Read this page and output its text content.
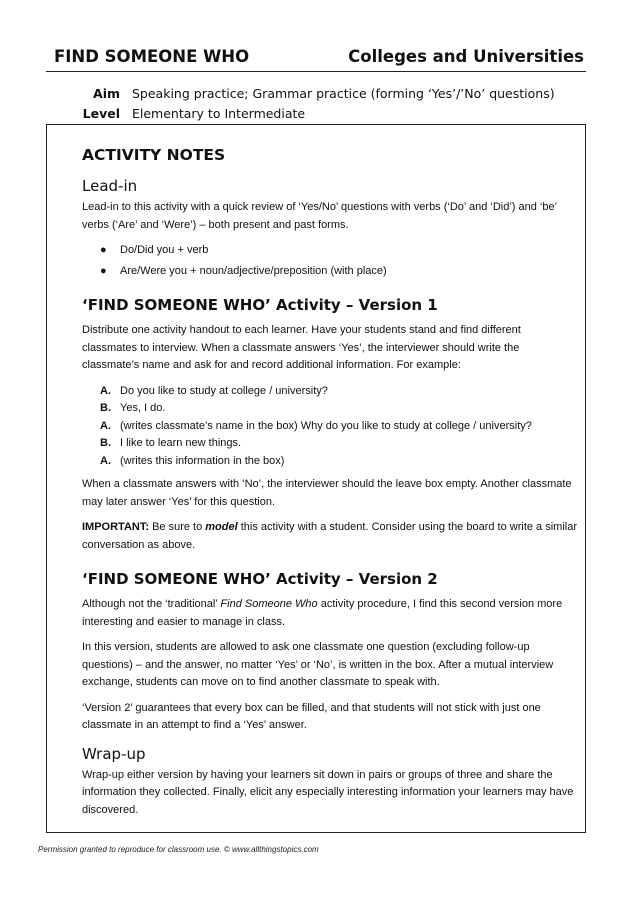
FIND SOMEONE WHO	Colleges and Universities
Aim Speaking practice; Grammar practice (forming ‘Yes’/’No’ questions)
Level Elementary to Intermediate
ACTIVITY NOTES
Lead-in

Lead-in to this activity with a quick review of ‘Yes/No’ questions with verbs (‘Do’ and ‘Did’) and ‘be’ verbs (‘Are’ and ‘Were’) – both present and past forms.

● Do/Did you + verb
● Are/Were you + noun/adjective/preposition (with place)
‘FIND SOMEONE WHO’ Activity – Version 1

Distribute one activity handout to each learner. Have your students stand and find different classmates to interview. When a classmate answers ‘Yes’, the interviewer should write the classmate’s name and ask for and record additional information. For example:

A. Do you like to study at college / university?
B. Yes, I do.
A. (writes classmate’s name in the box) Why do you like to study at college / university?
B. I like to learn new things.
A. (writes this information in the box)

When a classmate answers with ‘No’, the interviewer should the leave box empty. Another classmate may later answer ‘Yes’ for this question.

IMPORTANT: Be sure to model this activity with a student. Consider using the board to write a similar conversation as above.

‘FIND SOMEONE WHO’ Activity – Version 2

Although not the ‘traditional’ Find Someone Who activity procedure, I find this second version more interesting and easier to manage in class.

In this version, students are allowed to ask one classmate one question (excluding follow-up questions) – and the answer, no matter ‘Yes’ or ‘No’, is written in the box. After a mutual interview exchange, students can move on to find another classmate to speak with.

‘Version 2’ guarantees that every box can be filled, and that students will not stick with just one classmate in an attempt to find a ‘Yes’ answer.

Wrap-up

Wrap-up either version by having your learners sit down in pairs or groups of three and share the information they collected. Finally, elicit any especially interesting information your learners may have discovered.

Permission granted to reproduce for classroom use. © www.allthingstopics.com
